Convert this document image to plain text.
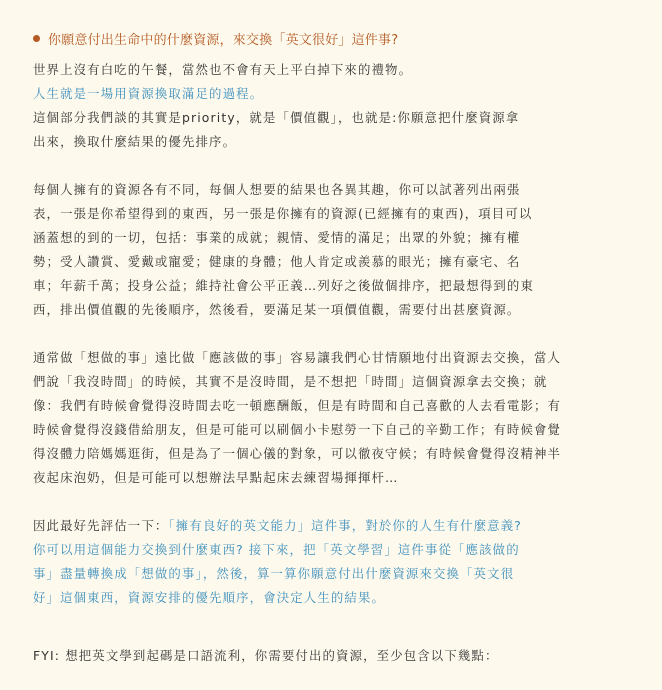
你願意付出生命中的什麼資源，來交換「英文很好」這件事?
世界上沒有白吃的午餐，當然也不會有天上平白掉下來的禮物。
人生就是一場用資源換取滿足的過程。
這個部分我們談的其實是priority，就是「價值觀」，也就是:你願意把什麼資源拿
出來，換取什麼結果的優先排序。
每個人擁有的資源各有不同，每個人想要的結果也各異其趣，你可以試著列出兩張
表，一張是你希望得到的東西，另一張是你擁有的資源(已經擁有的東西)，項目可以
涵蓋想的到的一切，包括：事業的成就；親情、愛情的滿足；出眾的外貌；擁有權
勢；受人讚賞、愛戴或寵愛；健康的身體；他人肯定或羨慕的眼光；擁有豪宅、名
車；年薪千萬；投身公益；維持社會公平正義…列好之後做個排序，把最想得到的東
西，排出價值觀的先後順序，然後看，要滿足某一項價值觀，需要付出甚麼資源。
通常做「想做的事」遠比做「應該做的事」容易讓我們心甘情願地付出資源去交換，當人
們說「我沒時間」的時候，其實不是沒時間，是不想把「時間」這個資源拿去交換；就
像：我們有時候會覺得沒時間去吃一頓應酬飯，但是有時間和自己喜歡的人去看電影；有
時候會覺得沒錢借給朋友，但是可能可以刷個小卡慰勞一下自己的辛勤工作；有時候會覺
得沒體力陪媽媽逛街，但是為了一個心儀的對象，可以徹夜守候；有時候會覺得沒精神半
夜起床泡奶，但是可能可以想辦法早點起床去練習場揮揮杆…
因此最好先評估一下：「擁有良好的英文能力」這件事，對於你的人生有什麼意義?
你可以用這個能力交換到什麼東西? 接下來，把「英文學習」這件事從「應該做的
事」盡量轉換成「想做的事」，然後，算一算你願意付出什麼資源來交換「英文很
好」這個東西，資源安排的優先順序，會決定人生的結果。
FYI: 想把英文學到起碼是口語流利，你需要付出的資源，至少包含以下幾點：
